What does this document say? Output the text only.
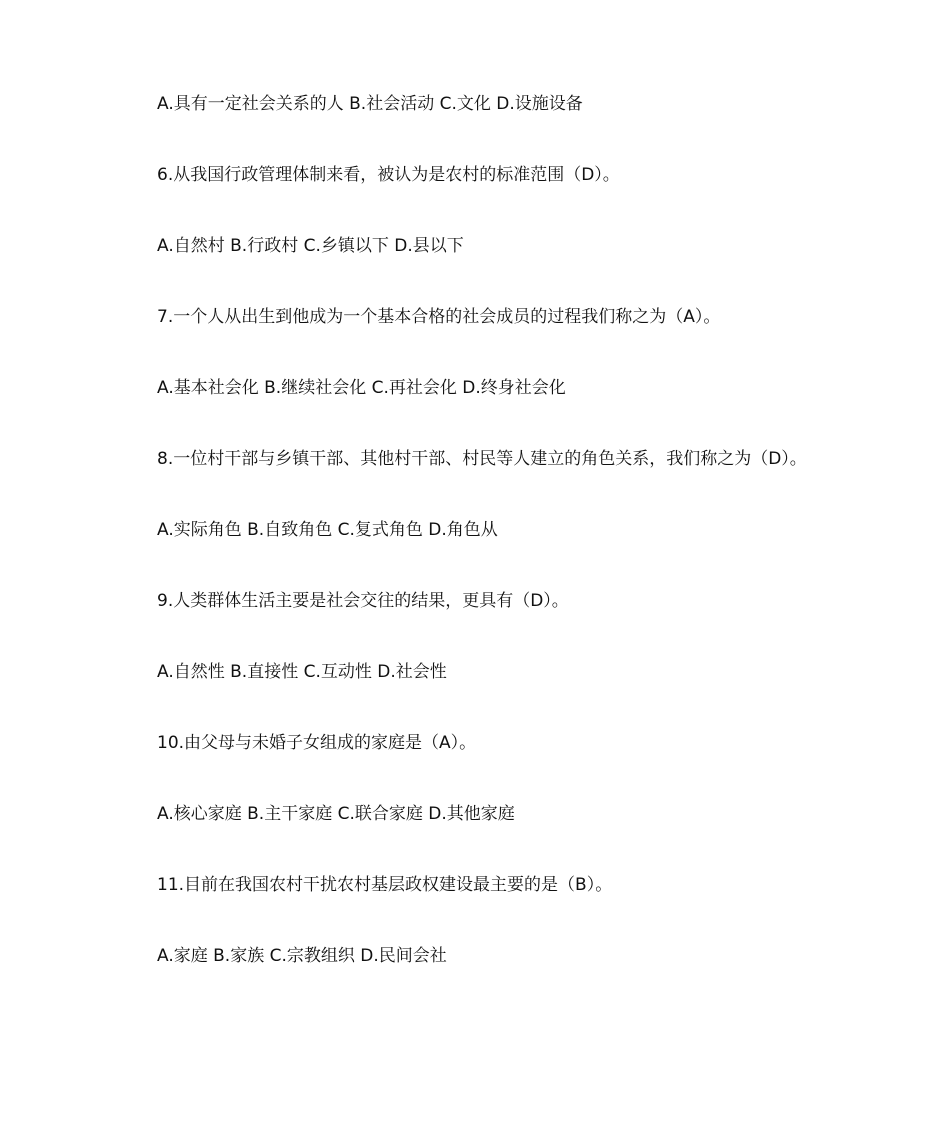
A.具有一定社会关系的人 B.社会活动 C.文化 D.设施设备
6.从我国行政管理体制来看，被认为是农村的标准范围（D）。
A.自然村 B.行政村 C.乡镇以下 D.县以下
7.一个人从出生到他成为一个基本合格的社会成员的过程我们称之为（A）。
A.基本社会化 B.继续社会化 C.再社会化 D.终身社会化
8.一位村干部与乡镇干部、其他村干部、村民等人建立的角色关系，我们称之为（D）。
A.实际角色 B.自致角色 C.复式角色 D.角色从
9.人类群体生活主要是社会交往的结果，更具有（D）。
A.自然性 B.直接性 C.互动性 D.社会性
10.由父母与未婚子女组成的家庭是（A）。
A.核心家庭 B.主干家庭 C.联合家庭 D.其他家庭
11.目前在我国农村干扰农村基层政权建设最主要的是（B）。
A.家庭 B.家族 C.宗教组织 D.民间会社
